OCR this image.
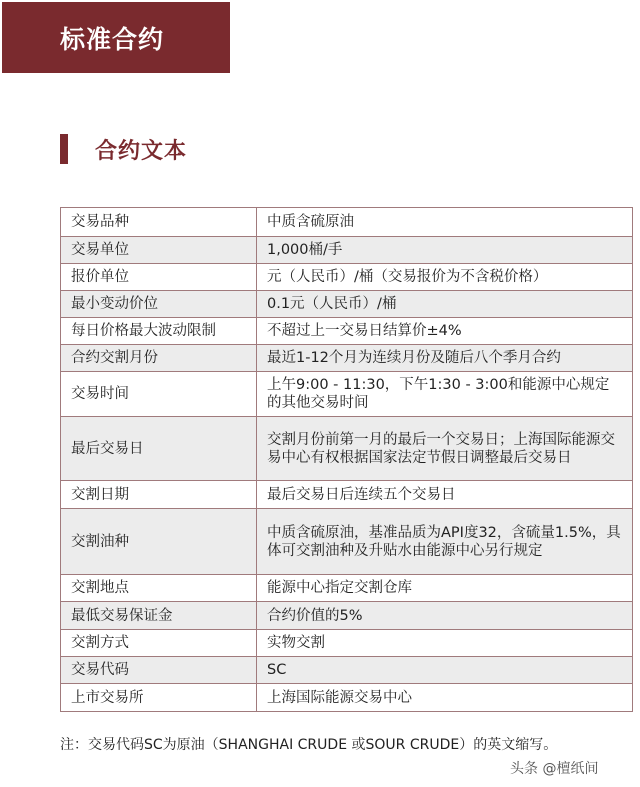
标准合约
合约文本
交易品种	中质含硫原油
交易单位	1,000桶/手
报价单位	元（人民币）/桶（交易报价为不含税价格）
最小变动价位	0.1元（人民币）/桶
每日价格最大波动限制	不超过上一交易日结算价±4%
合约交割月份	最近1-12个月为连续月份及随后八个季月合约
交易时间	上午9:00 - 11:30，下午1:30 - 3:00和能源中心规定的其他交易时间
最后交易日	交割月份前第一月的最后一个交易日；上海国际能源交易中心有权根据国家法定节假日调整最后交易日
交割日期	最后交易日后连续五个交易日
交割油种	中质含硫原油，基准品质为API度32，含硫量1.5%，具体可交割油种及升贴水由能源中心另行规定
交割地点	能源中心指定交割仓库
最低交易保证金	合约价值的5%
交割方式	实物交割
交易代码	SC
上市交易所	上海国际能源交易中心
注：交易代码SC为原油（SHANGHAI CRUDE 或SOUR CRUDE）的英文缩写。
头条 @檀纸间
